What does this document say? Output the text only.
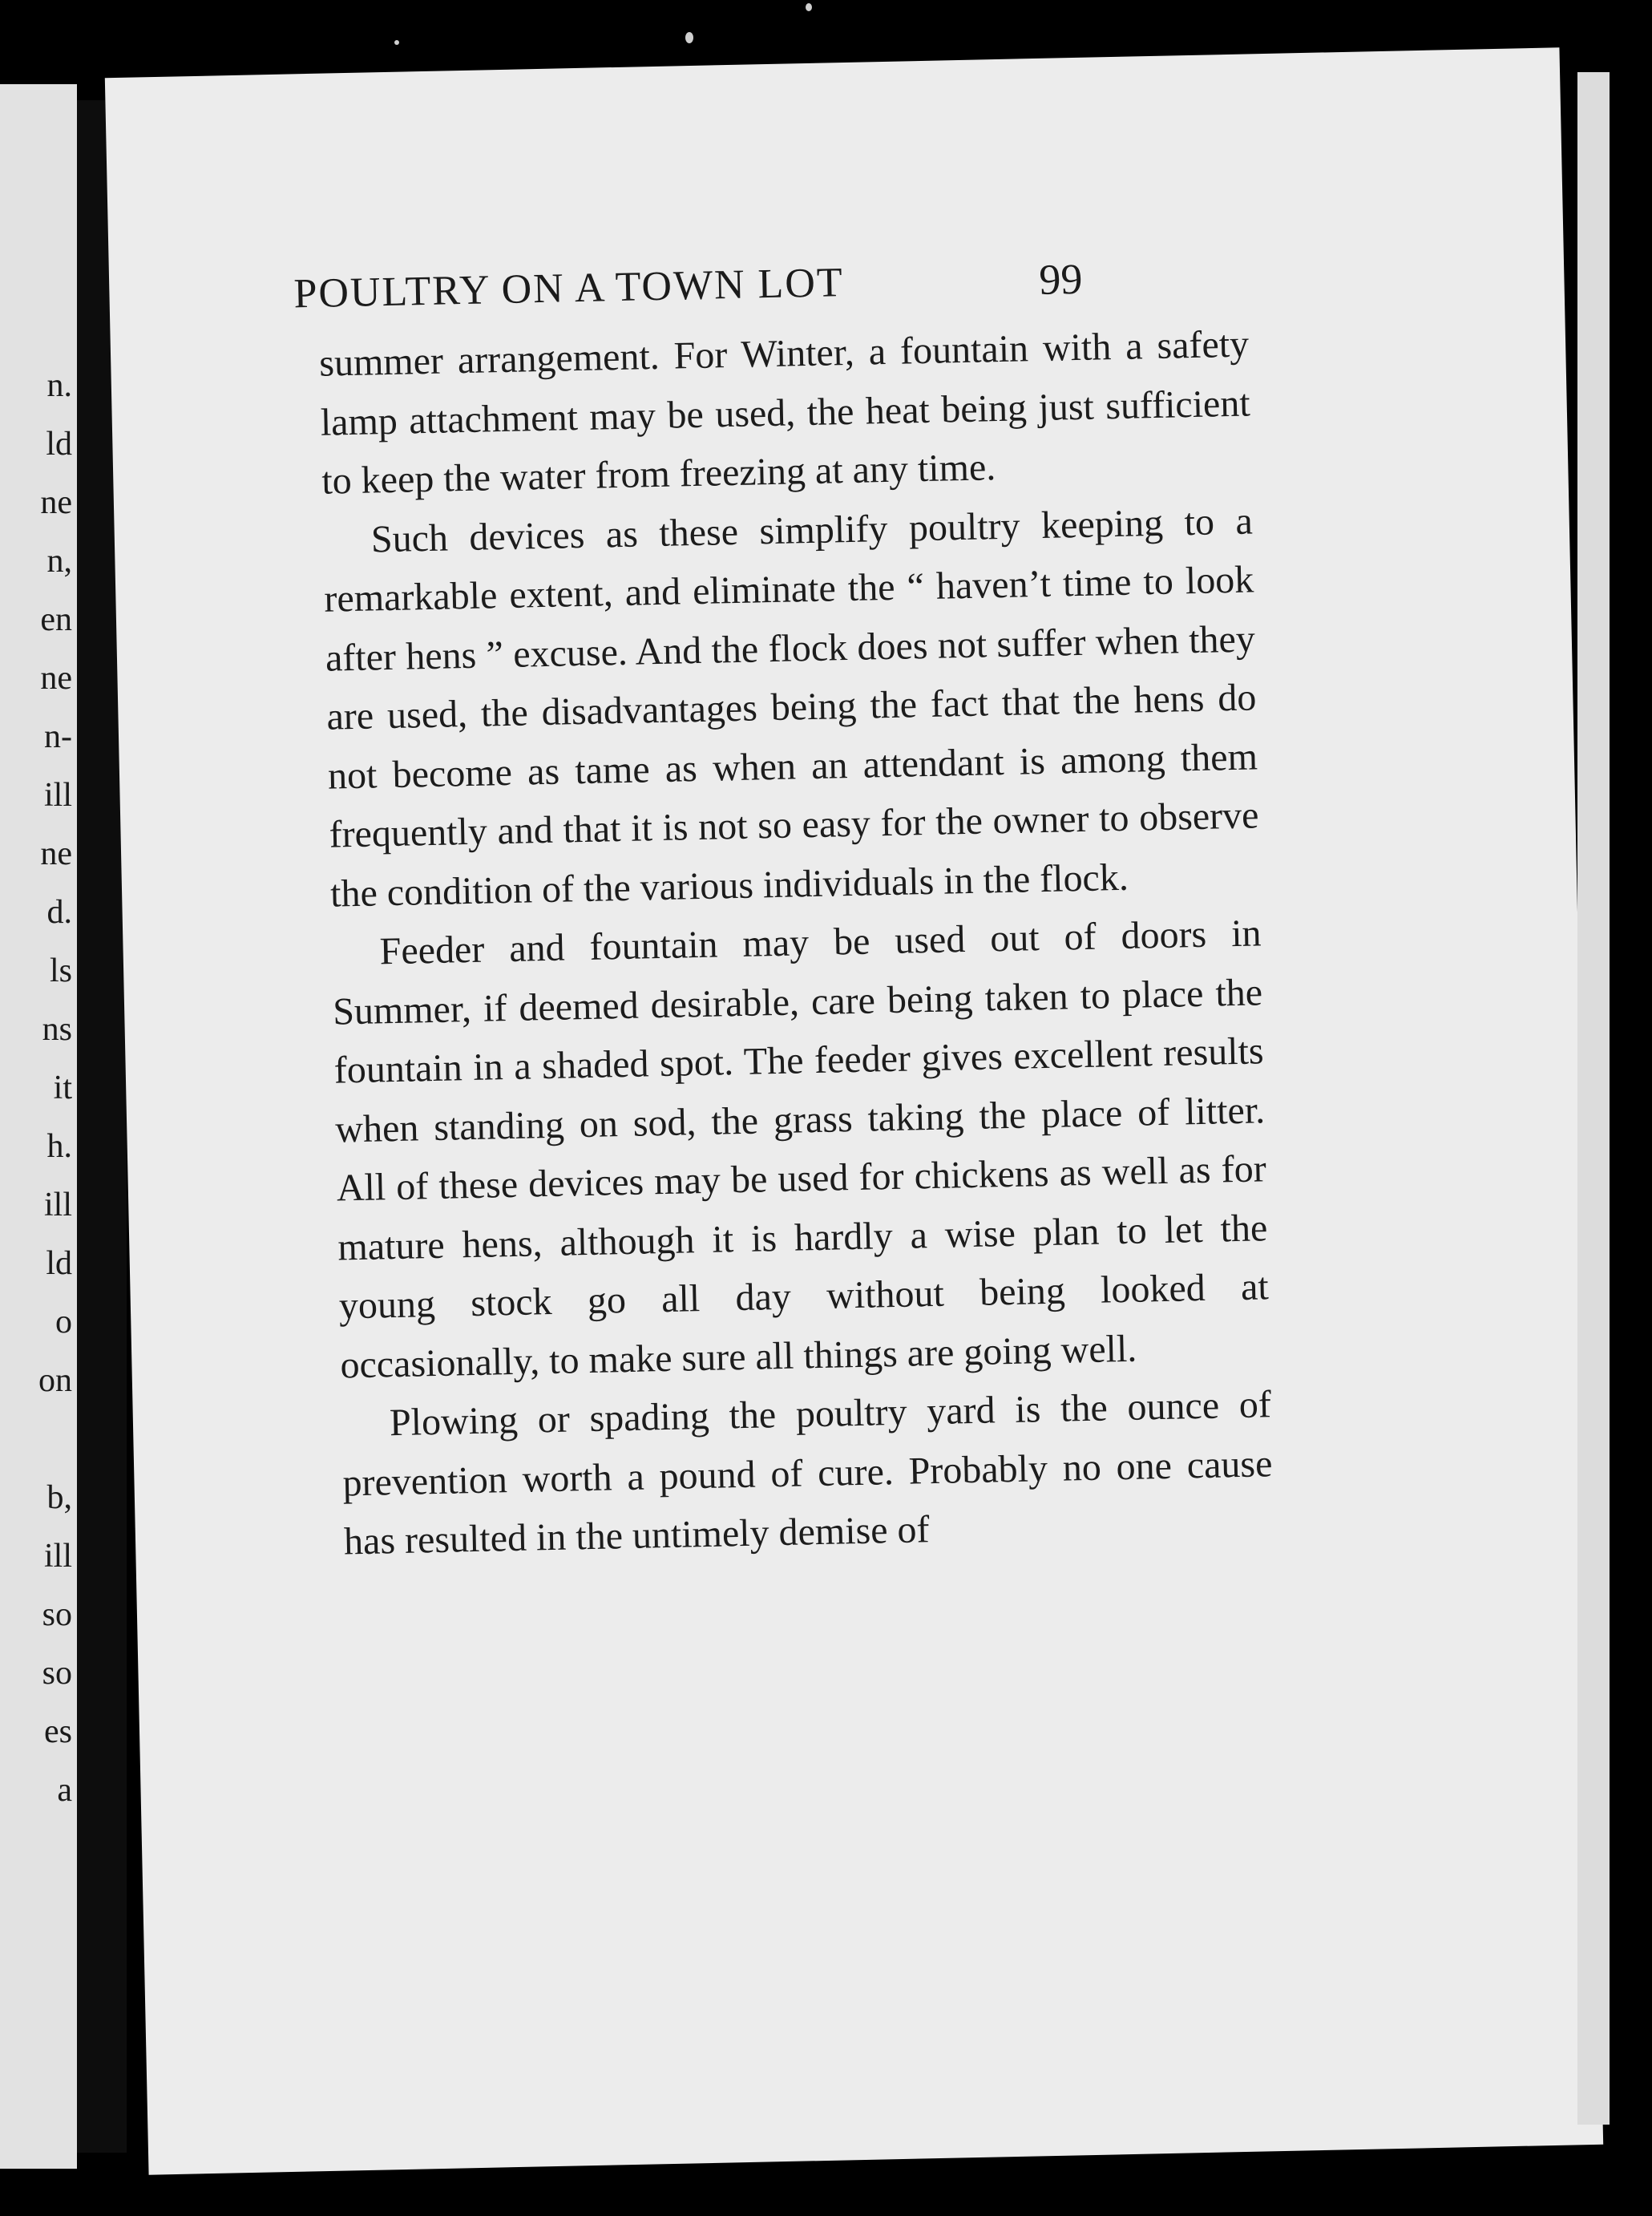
n.
ld
ne
n,
en
ne
n-
ill
ne
d.
ls
ns
it
h.
ill
ld
o
on
b,
ill
so
so
es
a
POULTRY ON A TOWN LOT	99

summer arrangement. For Winter, a fountain with a safety lamp attachment may be used, the heat being just sufficient to keep the water from freezing at any time.

Such devices as these simplify poultry keeping to a remarkable extent, and eliminate the “ haven’t time to look after hens ” excuse. And the flock does not suffer when they are used, the disadvantages being the fact that the hens do not become as tame as when an attendant is among them frequently and that it is not so easy for the owner to observe the condition of the various individuals in the flock.

Feeder and fountain may be used out of doors in Summer, if deemed desirable, care being taken to place the fountain in a shaded spot. The feeder gives excellent results when standing on sod, the grass taking the place of litter. All of these devices may be used for chickens as well as for mature hens, although it is hardly a wise plan to let the young stock go all day without being looked at occasionally, to make sure all things are going well.

Plowing or spading the poultry yard is the ounce of prevention worth a pound of cure. Probably no one cause has resulted in the untimely demise of
